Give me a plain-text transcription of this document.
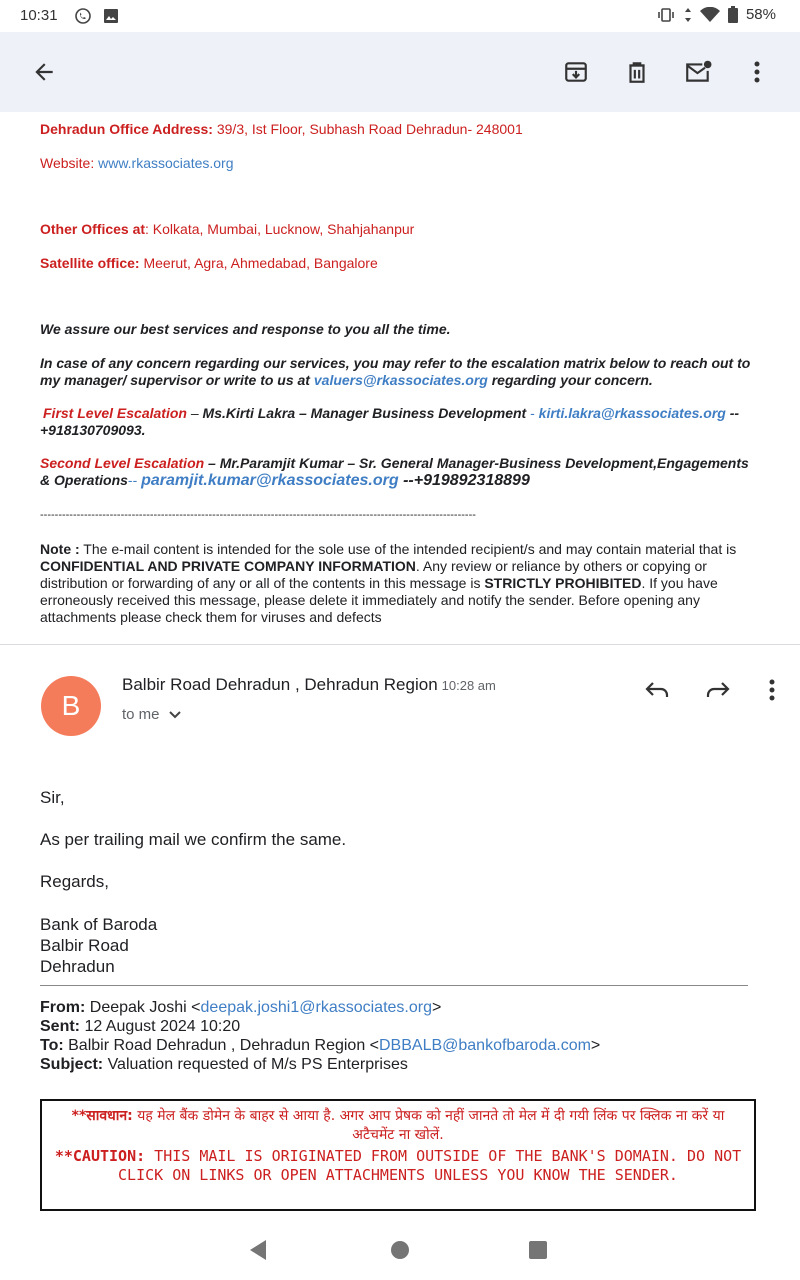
10:31	58%
Dehradun Office Address: 39/3, Ist Floor, Subhash Road Dehradun- 248001
Website: www.rkassociates.org
Other Offices at: Kolkata, Mumbai, Lucknow, Shahjahanpur
Satellite office: Meerut, Agra, Ahmedabad, Bangalore
We assure our best services and response to you all the time.
In case of any concern regarding our services, you may refer to the escalation matrix below to reach out to my manager/ supervisor or write to us at valuers@rkassociates.org regarding your concern.
First Level Escalation – Ms.Kirti Lakra – Manager Business Development - kirti.lakra@rkassociates.org --+918130709093.
Second Level Escalation – Mr.Paramjit Kumar – Sr. General Manager-Business Development,Engagements & Operations-- paramjit.kumar@rkassociates.org --+919892318899
-----------------------------------------------------------------------------------------------------------------------
Note : The e-mail content is intended for the sole use of the intended recipient/s and may contain material that is CONFIDENTIAL AND PRIVATE COMPANY INFORMATION. Any review or reliance by others or copying or distribution or forwarding of any or all of the contents in this message is STRICTLY PROHIBITED. If you have erroneously received this message, please delete it immediately and notify the sender. Before opening any attachments please check them for viruses and defects
B
Balbir Road Dehradun , Dehradun Region 10:28 am
to me
Sir,
As per trailing mail we confirm the same.
Regards,
Bank of Baroda
Balbir Road
Dehradun
From: Deepak Joshi <deepak.joshi1@rkassociates.org>
Sent: 12 August 2024 10:20
To: Balbir Road Dehradun , Dehradun Region <DBBALB@bankofbaroda.com>
Subject: Valuation requested of M/s PS Enterprises
**सावधान: यह मेल बैंक डोमेन के बाहर से आया है. अगर आप प्रेषक को नहीं जानते तो मेल में दी गयी लिंक पर क्लिक ना करें या अटैचमेंट ना खोलें.
**CAUTION: THIS MAIL IS ORIGINATED FROM OUTSIDE OF THE BANK'S DOMAIN. DO NOT CLICK ON LINKS OR OPEN ATTACHMENTS UNLESS YOU KNOW THE SENDER.
